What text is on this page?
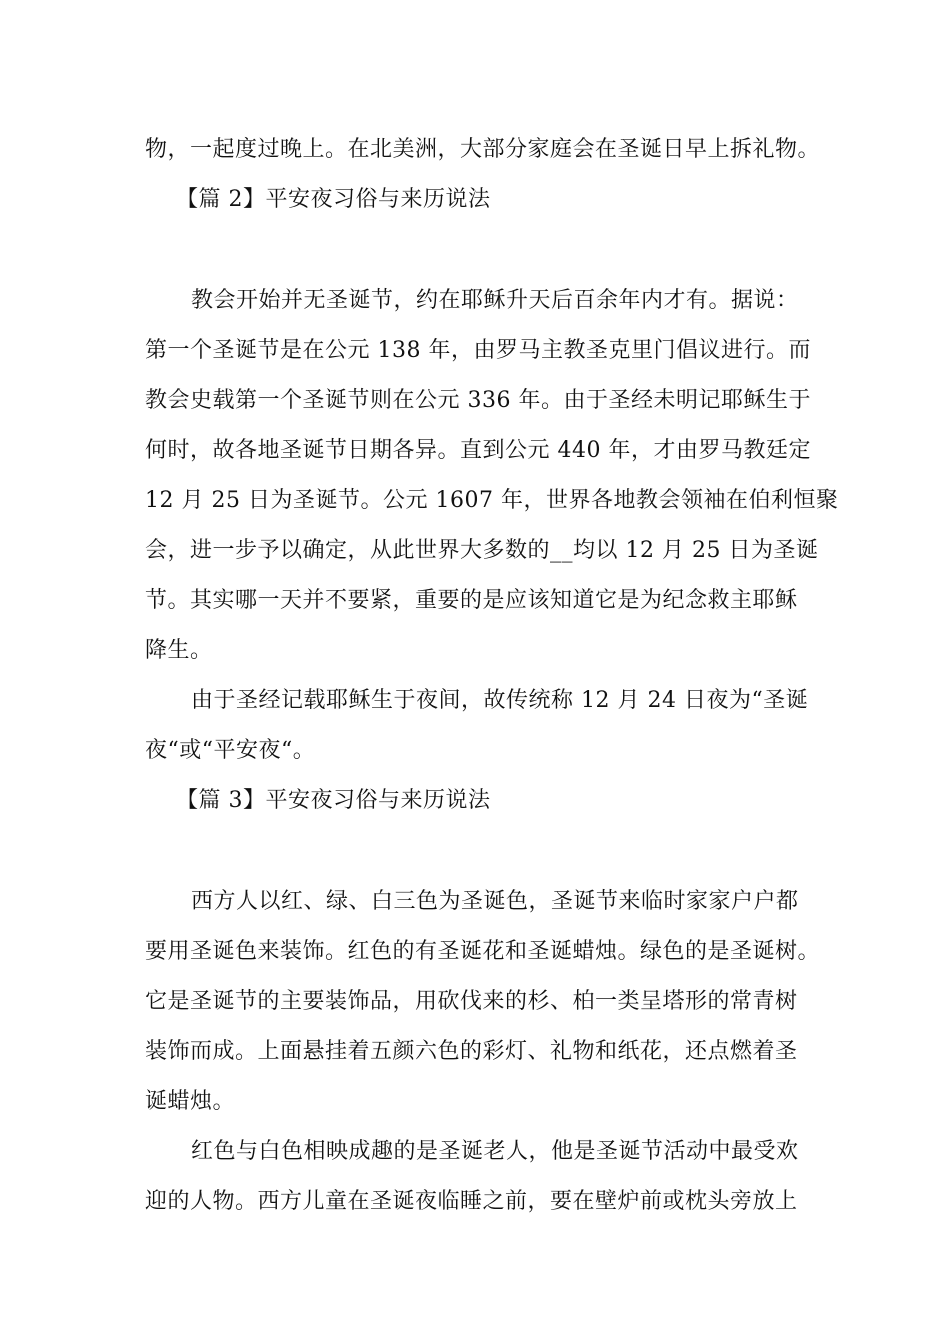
物，一起度过晚上。在北美洲，大部分家庭会在圣诞日早上拆礼物。
【篇 2】平安夜习俗与来历说法
教会开始并无圣诞节，约在耶稣升天后百余年内才有。据说：
第一个圣诞节是在公元 138 年，由罗马主教圣克里门倡议进行。而
教会史载第一个圣诞节则在公元 336 年。由于圣经未明记耶稣生于
何时，故各地圣诞节日期各异。直到公元 440 年，才由罗马教廷定
12 月 25 日为圣诞节。公元 1607 年，世界各地教会领袖在伯利恒聚
会，进一步予以确定，从此世界大多数的__均以 12 月 25 日为圣诞
节。其实哪一天并不要紧，重要的是应该知道它是为纪念救主耶稣
降生。
由于圣经记载耶稣生于夜间，故传统称 12 月 24 日夜为“圣诞
夜“或“平安夜“。
【篇 3】平安夜习俗与来历说法
西方人以红、绿、白三色为圣诞色，圣诞节来临时家家户户都
要用圣诞色来装饰。红色的有圣诞花和圣诞蜡烛。绿色的是圣诞树。
它是圣诞节的主要装饰品，用砍伐来的杉、柏一类呈塔形的常青树
装饰而成。上面悬挂着五颜六色的彩灯、礼物和纸花，还点燃着圣
诞蜡烛。
红色与白色相映成趣的是圣诞老人，他是圣诞节活动中最受欢
迎的人物。西方儿童在圣诞夜临睡之前，要在壁炉前或枕头旁放上
